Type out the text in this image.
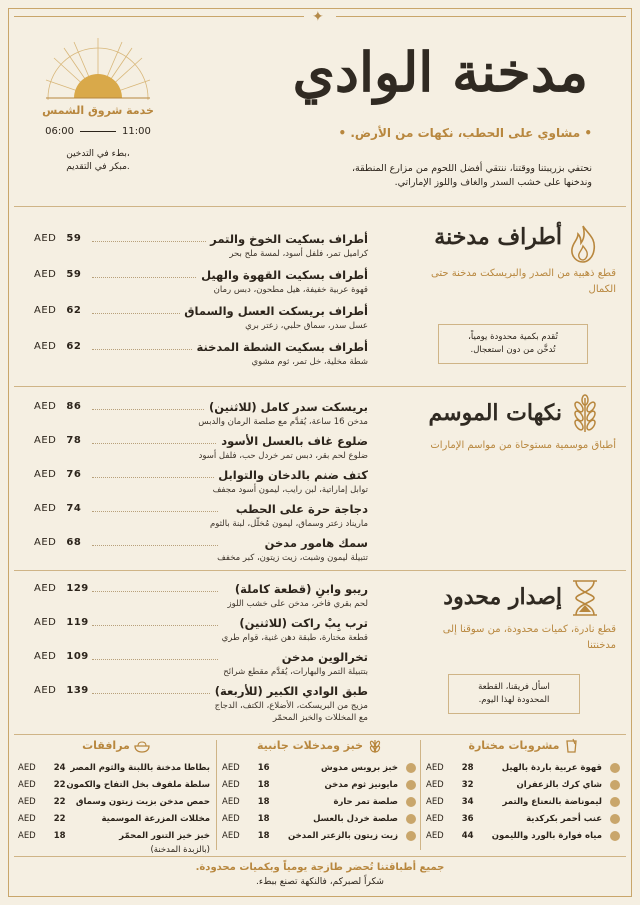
✦
خدمة شروق الشمس
06:00	11:00
بطء في التدخين،
مبكر في التقديم.
مدخنة الوادي
• مشاوي على الحطب، نكهات من الأرض. •
نحتفي بزريبتنا ووقتنا، ننتقي أفضل اللحوم من مزارع المنطقة،
وندخنها على خشب السدر والغاف واللوز الإماراتي.
أطراف مدخنة
قطع ذهبية من الصدر والبريسكت مدخنة حتى الكمال
تُقدم بكمية محدودة يومياً،
تُدخَّن من دون استعجال.
أطراف بسكيت الخوخ والتمر
كراميل تمر، فلفل أسود، لمسة ملح بحر
AED 59
أطراف بسكيت القهوة والهيل
قهوة عربية خفيفة، هيل مطحون، دبس رمان
AED 59
أطراف بريسكت العسل والسماق
عسل سدر، سماق حلبي، زعتر بري
AED 62
أطراف بسكيت الشطة المدخنة
شطة مخلية، خل تمر، ثوم مشوي
AED 62
نكهات الموسم
أطباق موسمية مستوحاة من مواسم الإمارات
بريسكت سدر كامل (للاثنين)
مدخن 16 ساعة، يُقدَّم مع صلصة الرمان والدبس
AED 86
ضلوع غاف بالعسل الأسود
ضلوع لحم بقر، دبس تمر خردل حب، فلفل أسود
AED 78
كتف ضنم بالدخان والتوابل
توابل إماراتية، لبن رايب، ليمون أسود مجفف
AED 76
دجاجة حرة على الحطب
ماريناد زعتر وسماق، ليمون مُخلّل، لبنة بالثوم
AED 74
سمك هامور مدخن
تتبيلة ليمون وشبت، زيت زيتون، كبر مخفف
AED 68
إصدار محدود
قطع نادرة، كميات محدودة، من سوقنا إلى مدخنتنا
اسأل فريقنا، القطعة
المحدودة لهذا اليوم.
ريبو وابنِ (قطعة كاملة)
لحم بقري فاخر، مدخن على خشب اللوز
AED 129
ترب بِبْ راكت (للاثنين)
قطعة مختارة، طبقة دهن غنية، قوام طري
AED 119
تخرالوين مدخن
بتتبيلة التمر والبهارات، يُقدَّم مقطع شرائح
AED 109
طبق الوادي الكبير (للأربعة)
مزيج من البريسكت، الأضلاع، الكتف، الدجاج
مع المخللات والخبز المحمّر
AED 139
مشروبات مختارة
قهوة عربية باردة بالهيل
AED 28
شاي كرك بالزعفران
AED 32
ليموناضة بالنعناع والتمر
AED 34
عنب أحمر بكركدية
AED 36
مياه فوارة بالورد والليمون
AED 44
خبز ومدخلات جانبية
خبز بروبس مدوش
AED 16
مايونيز ثوم مدخن
AED 18
صلصة تمر حارة
AED 18
صلصة خردل بالعسل
AED 18
زيت زيتون بالزعتر المدخن
AED 18
مرافقات
بطاطا مدخنة باللبنة والثوم المصر
AED 24
سلطة ملفوف بخل التفاح والكمون
AED 22
حمص مدخن بزيت زيتون وسماق
AED 22
مخللات المزرعة الموسمية
AED 22
خبز خيز التنور المحمّر
AED 18
(بالزبدة المدخنة)
جميع أطباقتنا تُحضر طازجة يومياً وبكميات محدودة.
شكراً لصبركم، فالنكهة تصنع ببطء.
